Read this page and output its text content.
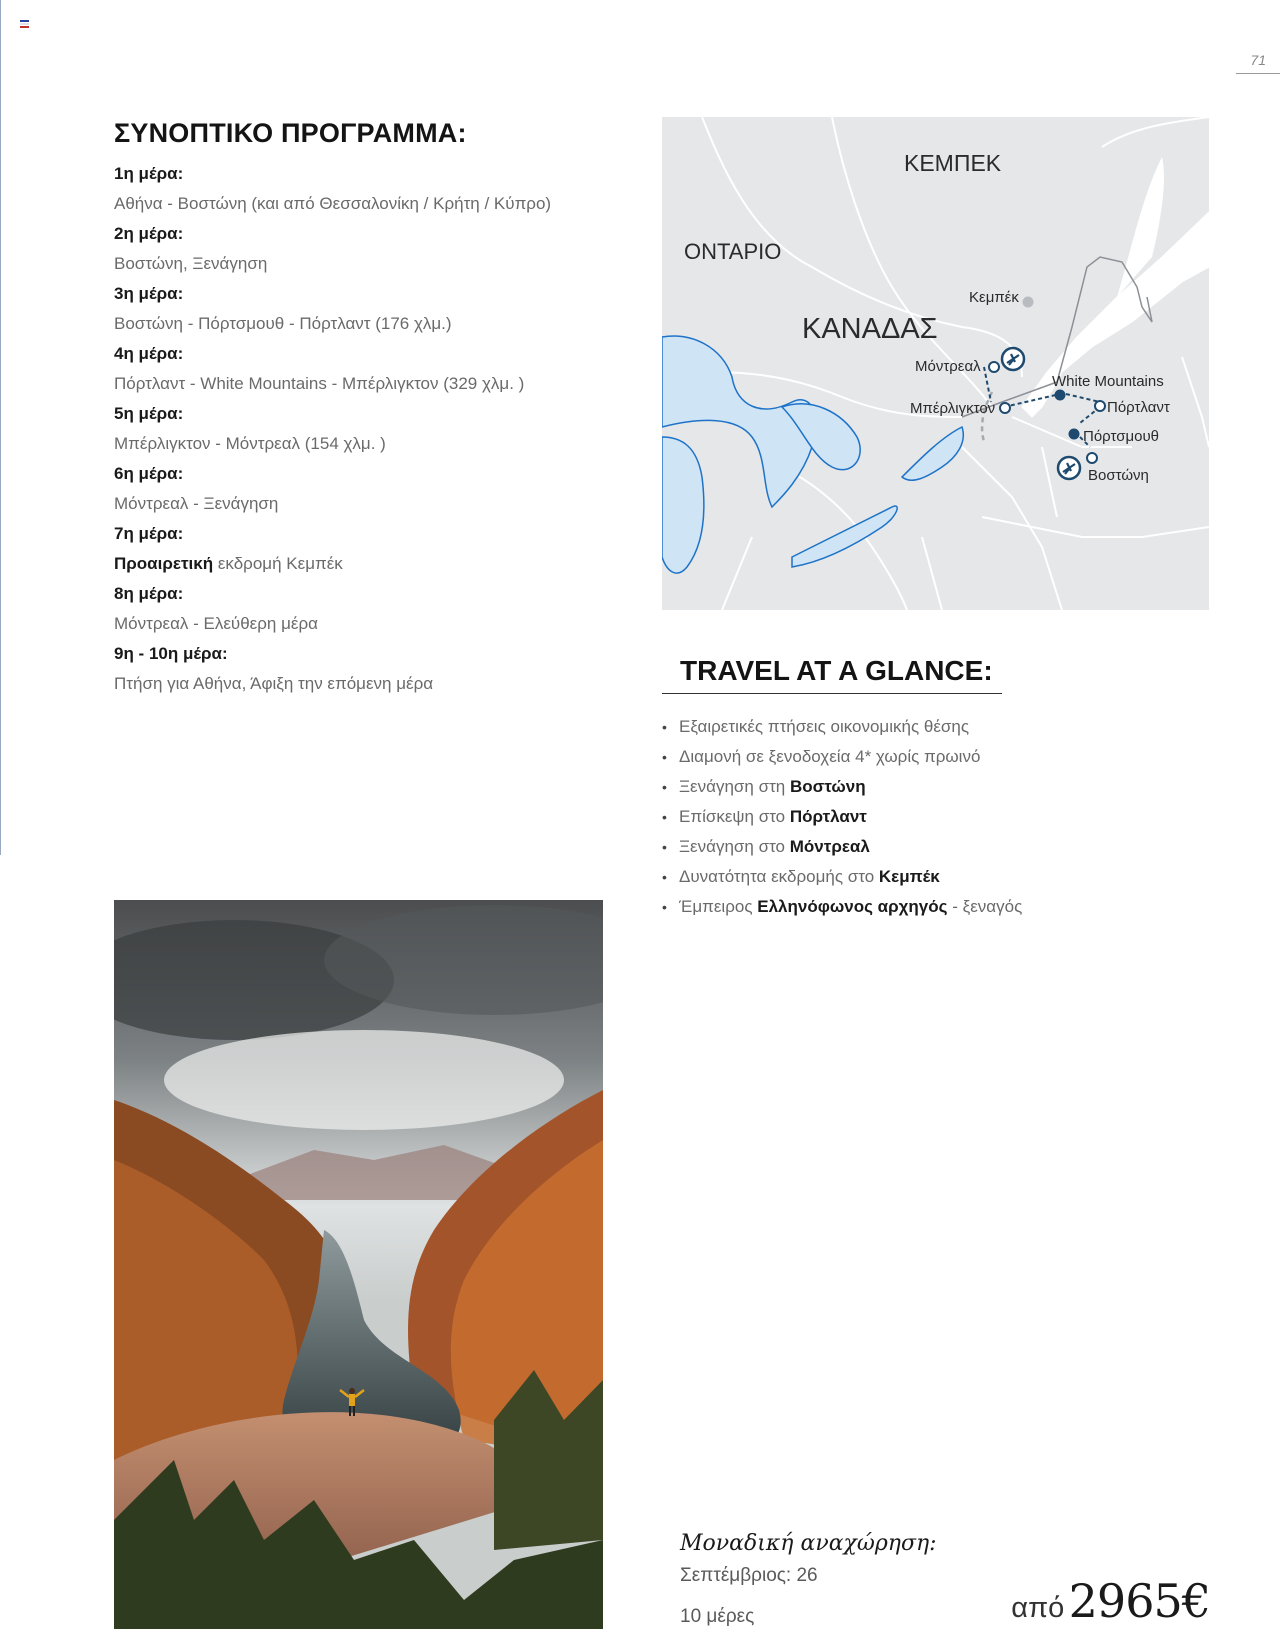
71
ΣΥΝΟΠΤΙΚΟ ΠΡΟΓΡΑΜΜΑ:
1η μέρα:
Αθήνα - Βοστώνη (και από Θεσσαλονίκη / Κρήτη / Κύπρο)
2η μέρα:
Βοστώνη, Ξενάγηση
3η μέρα:
Βοστώνη - Πόρτσμουθ - Πόρτλαντ (176 χλμ.)
4η μέρα:
Πόρτλαντ - White Mountains - Μπέρλιγκτον (329 χλμ. )
5η μέρα:
Μπέρλιγκτον - Μόντρεαλ (154 χλμ. )
6η μέρα:
Μόντρεαλ - Ξενάγηση
7η μέρα:
Προαιρετική εκδρομή Κεμπέκ
8η μέρα:
Μόντρεαλ - Ελεύθερη μέρα
9η - 10η μέρα:
Πτήση για Αθήνα, Άφιξη την επόμενη μέρα
ΚΕΜΠΕΚ
ΟΝΤΑΡΙΟ
ΚΑΝΑΔΑΣ
Κεμπέκ
Μόντρεαλ
Μπέρλιγκτον
White Mountains
Πόρτλαντ
Πόρτσμουθ
Βοστώνη
TRAVEL AT A GLANCE:
• Εξαιρετικές πτήσεις οικονομικής θέσης
• Διαμονή σε ξενοδοχεία 4* χωρίς πρωινό
• Ξενάγηση στη Βοστώνη
• Επίσκεψη στο Πόρτλαντ
• Ξενάγηση στο Μόντρεαλ
• Δυνατότητα εκδρομής στο Κεμπέκ
• Έμπειρος Ελληνόφωνος αρχηγός - ξεναγός
Μοναδική αναχώρηση:
Σεπτέμβριος: 26
10 μέρες	από 2965€
